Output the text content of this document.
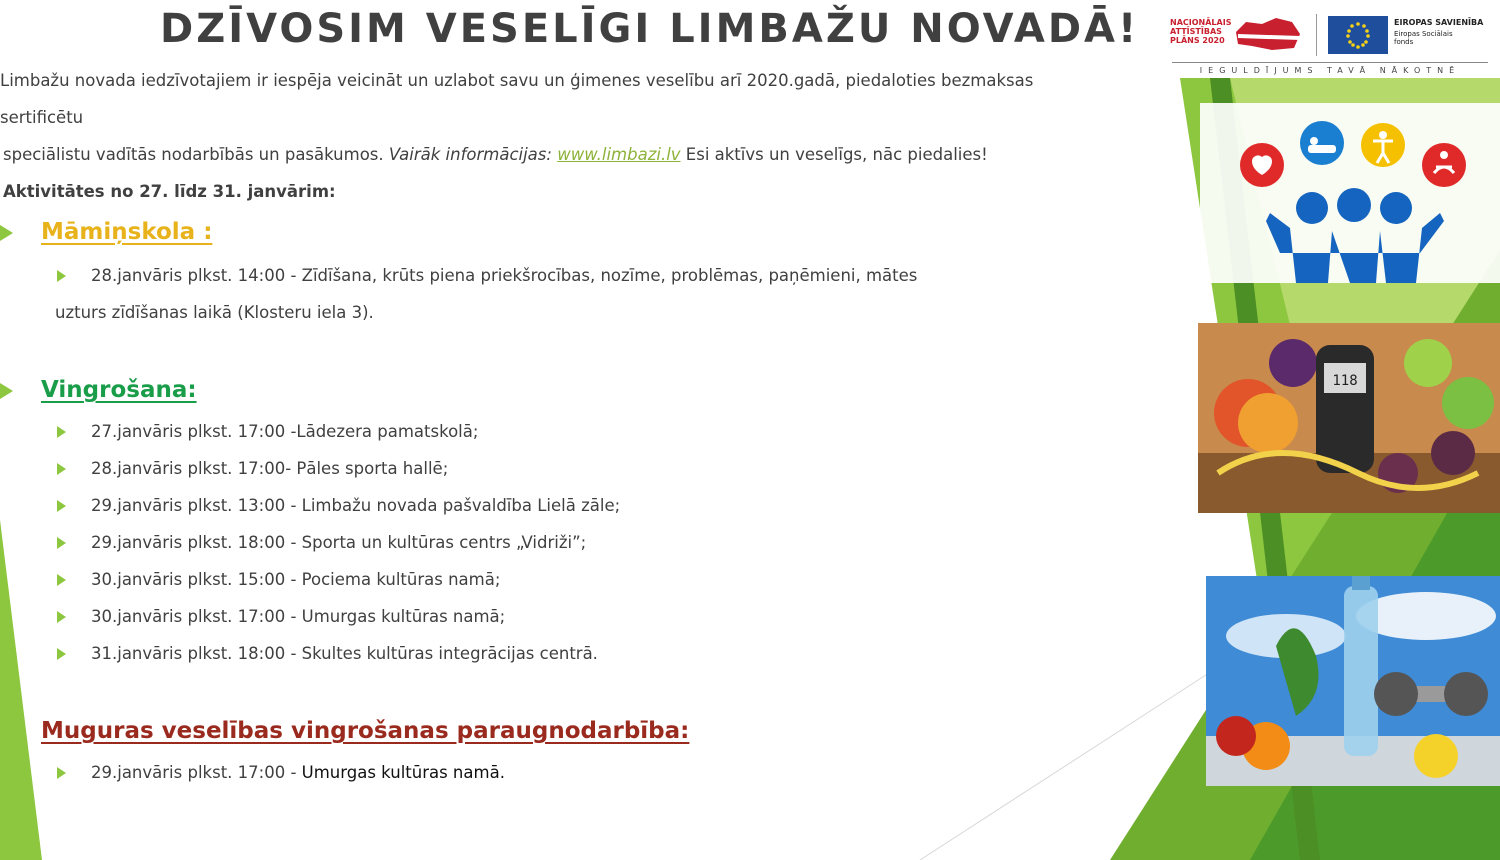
DZĪVOSIM VESELĪGI LIMBAŽU NOVADĀ!	NACIONĀLAIS
ATTĪSTĪBAS
PLĀNS 2020
EIROPAS SAVIENĪBA
Eiropas Sociālais
fonds
IEGULDĪJUMS TAVĀ NĀKOTNĒ
Limbažu novada iedzīvotajiem ir iespēja veicināt un uzlabot savu un ģimenes veselību arī 2020.gadā, piedaloties bezmaksas sertificētu
speciālistu vadītās nodarbībās un pasākumos. Vairāk informācijas: www.limbazi.lv Esi aktīvs un veselīgs, nāc piedalies!
Aktivitātes no 27. līdz 31. janvārim:
Māmiņskola :
28.janvāris plkst. 14:00 - Zīdīšana, krūts piena priekšrocības, nozīme, problēmas, paņēmieni, mātes
uzturs zīdīšanas laikā (Klosteru iela 3).
Vingrošana:
27.janvāris plkst. 17:00 -Lādezera pamatskolā;
28.janvāris plkst. 17:00- Pāles sporta hallē;
29.janvāris plkst. 13:00 - Limbažu novada pašvaldība Lielā zāle;
29.janvāris plkst. 18:00 - Sporta un kultūras centrs „Vidriži”;
30.janvāris plkst. 15:00 - Pociema kultūras namā;
30.janvāris plkst. 17:00 - Umurgas kultūras namā;
31.janvāris plkst. 18:00 - Skultes kultūras integrācijas centrā.
Muguras veselības vingrošanas paraugnodarbība:
29.janvāris plkst. 17:00 - Umurgas kultūras namā.
118
